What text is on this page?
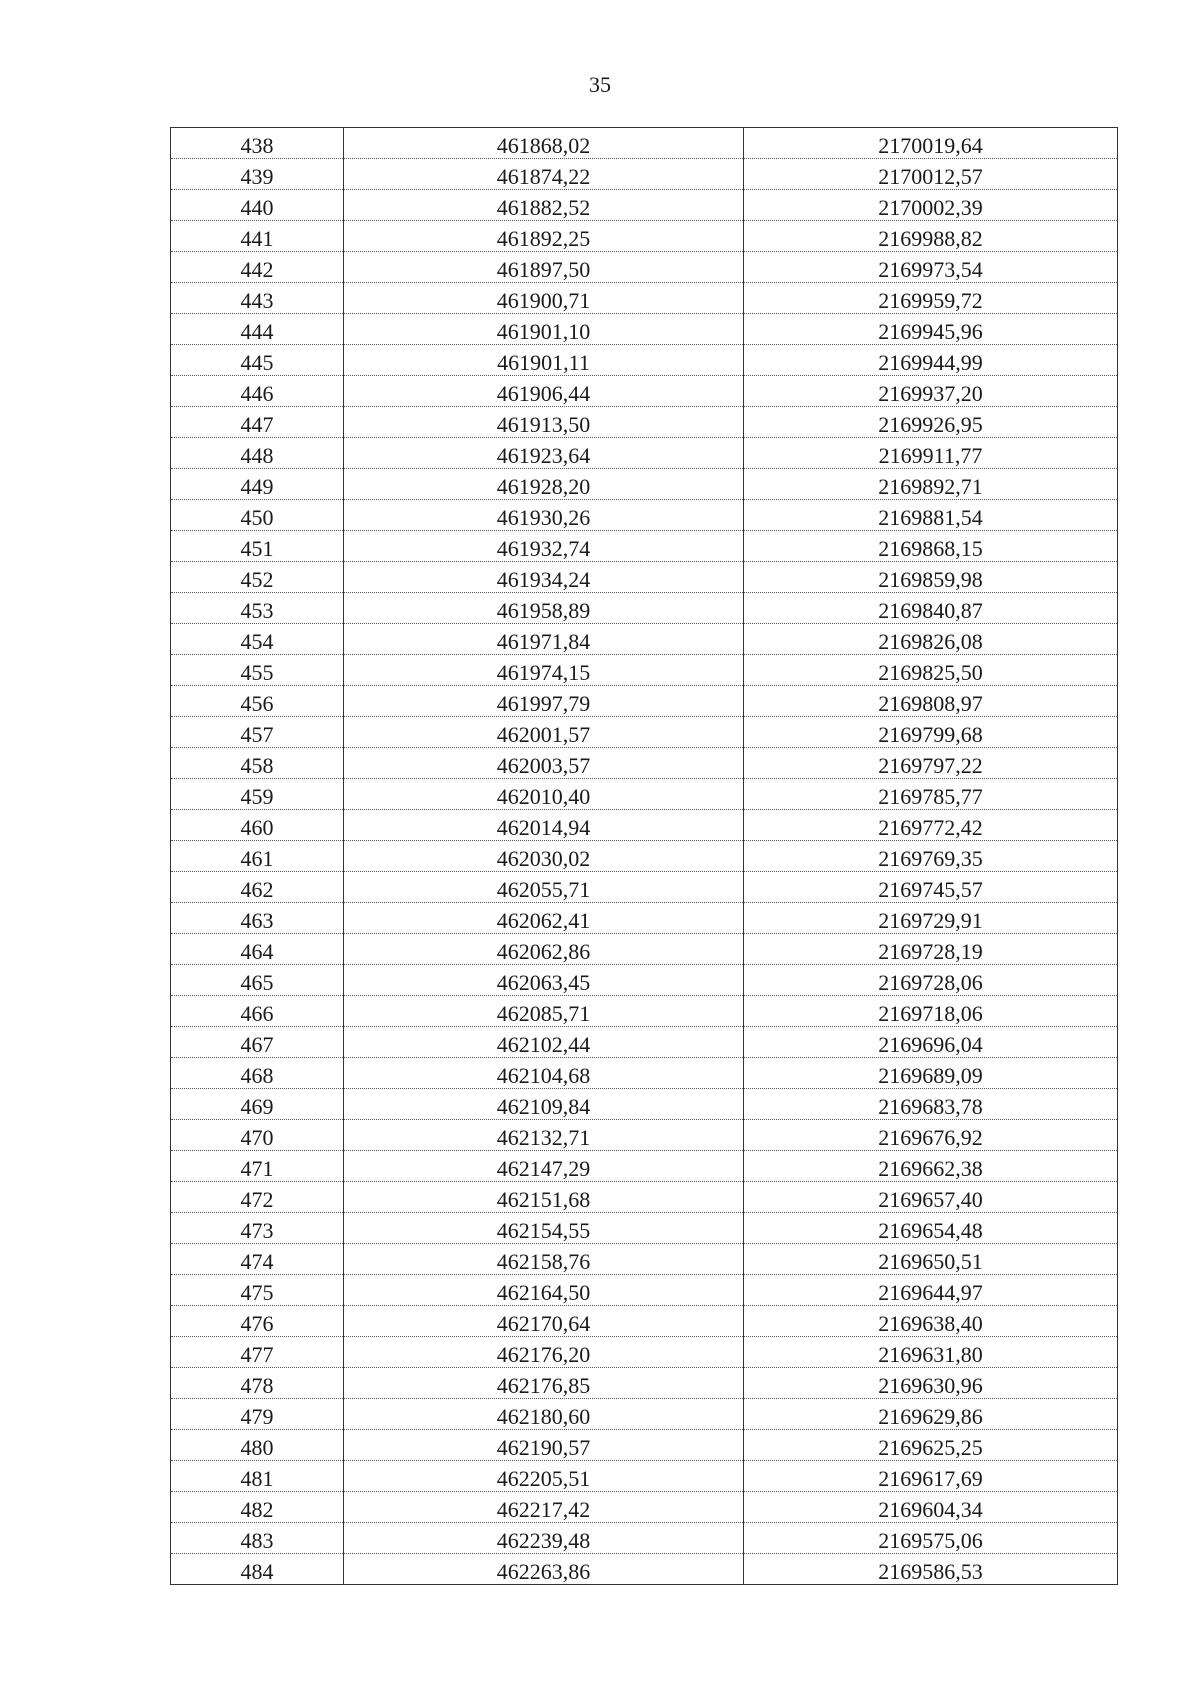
35
438	461868,02	2170019,64
439	461874,22	2170012,57
440	461882,52	2170002,39
441	461892,25	2169988,82
442	461897,50	2169973,54
443	461900,71	2169959,72
444	461901,10	2169945,96
445	461901,11	2169944,99
446	461906,44	2169937,20
447	461913,50	2169926,95
448	461923,64	2169911,77
449	461928,20	2169892,71
450	461930,26	2169881,54
451	461932,74	2169868,15
452	461934,24	2169859,98
453	461958,89	2169840,87
454	461971,84	2169826,08
455	461974,15	2169825,50
456	461997,79	2169808,97
457	462001,57	2169799,68
458	462003,57	2169797,22
459	462010,40	2169785,77
460	462014,94	2169772,42
461	462030,02	2169769,35
462	462055,71	2169745,57
463	462062,41	2169729,91
464	462062,86	2169728,19
465	462063,45	2169728,06
466	462085,71	2169718,06
467	462102,44	2169696,04
468	462104,68	2169689,09
469	462109,84	2169683,78
470	462132,71	2169676,92
471	462147,29	2169662,38
472	462151,68	2169657,40
473	462154,55	2169654,48
474	462158,76	2169650,51
475	462164,50	2169644,97
476	462170,64	2169638,40
477	462176,20	2169631,80
478	462176,85	2169630,96
479	462180,60	2169629,86
480	462190,57	2169625,25
481	462205,51	2169617,69
482	462217,42	2169604,34
483	462239,48	2169575,06
484	462263,86	2169586,53
